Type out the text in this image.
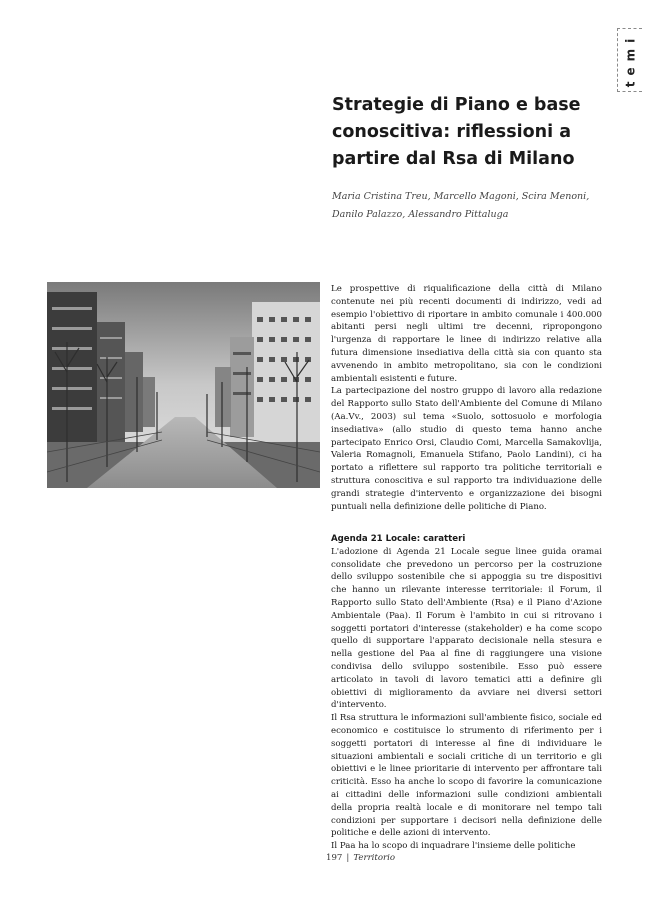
temi
Strategie di Piano e base conoscitiva: riflessioni a partire dal Rsa di Milano
Maria Cristina Treu, Marcello Magoni, Scira Menoni,
Danilo Palazzo, Alessandro Pittaluga

Le prospettive di riqualificazione della città di Milano contenute nei più recenti documenti di indirizzo, vedi ad esempio l'obiettivo di riportare in ambito comunale i 400.000 abitanti persi negli ultimi tre decenni, ripropongono l'urgenza di rapportare le linee di indirizzo relative alla futura dimensione insediativa della città sia con quanto sta avvenendo in ambito metropolitano, sia con le condizioni ambientali esistenti e future.

La partecipazione del nostro gruppo di lavoro alla redazione del Rapporto sullo Stato dell'Ambiente del Comune di Milano (Aa.Vv., 2003) sul tema «Suolo, sottosuolo e morfologia insediativa» (allo studio di questo tema hanno anche partecipato Enrico Orsi, Claudio Comi, Marcella Samakovlija, Valeria Romagnoli, Emanuela Stifano, Paolo Landini), ci ha portato a riflettere sul rapporto tra politiche territoriali e struttura conoscitiva e sul rapporto tra individuazione delle grandi strategie d'intervento e organizzazione dei bisogni puntuali nella definizione delle politiche di Piano.

Agenda 21 Locale: caratteri

L'adozione di Agenda 21 Locale segue linee guida oramai consolidate che prevedono un percorso per la costruzione dello sviluppo sostenibile che si appoggia su tre dispositivi che hanno un rilevante interesse territoriale: il Forum, il Rapporto sullo Stato dell'Ambiente (Rsa) e il Piano d'Azione Ambientale (Paa). Il Forum è l'ambito in cui si ritrovano i soggetti portatori d'interesse (stakeholder) e ha come scopo quello di supportare l'apparato decisionale nella stesura e nella gestione del Paa al fine di raggiungere una visione condivisa dello sviluppo sostenibile. Esso può essere articolato in tavoli di lavoro tematici atti a definire gli obiettivi di miglioramento da avviare nei diversi settori d'intervento.

Il Rsa struttura le informazioni sull'ambiente fisico, sociale ed economico e costituisce lo strumento di riferimento per i soggetti portatori di interesse al fine di individuare le situazioni ambientali e sociali critiche di un territorio e gli obiettivi e le linee prioritarie di intervento per affrontare tali criticità. Esso ha anche lo scopo di favorire la comunicazione ai cittadini delle informazioni sulle condizioni ambientali della propria realtà locale e di monitorare nel tempo tali condizioni per supportare i decisori nella definizione delle politiche e delle azioni di intervento.

Il Paa ha lo scopo di inquadrare l'insieme delle politiche

197 | Territorio
